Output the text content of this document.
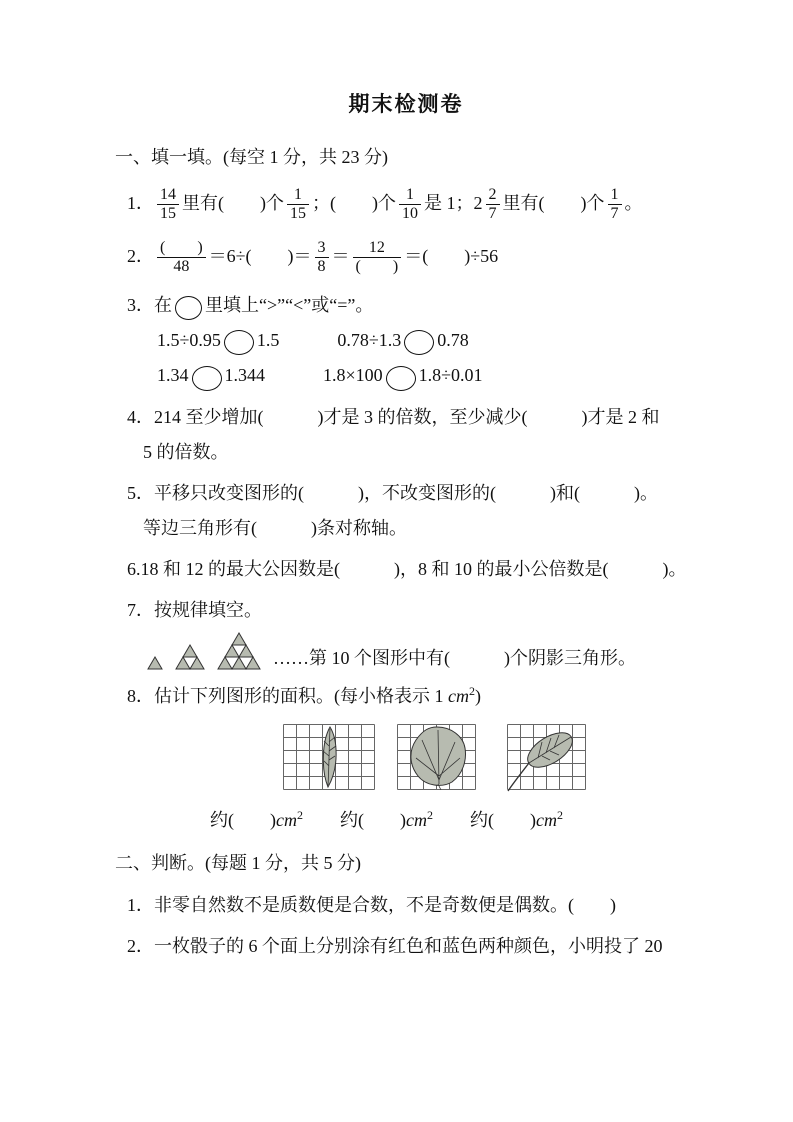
期末检测卷
一、填一填。(每空 1 分，共 23 分)
1． $\frac{14}{15}$ 里有(　　)个 $\frac{1}{15}$ ；(　　)个 $\frac{1}{10}$ 是 1；$2 \frac{2}{7}$ 里有(　　)个 $\frac{1}{7}$ 。
2． $\frac{( )}{48} =6\div$(　　)＝ $\frac{3}{8} = \frac{12}{( )}$ ＝(　　)÷56
3．在 里填上“>”“<”或“=”。
1.5÷0.95 1.5	0.78÷1.3 0.78
1.34 1.344	1.8×100 1.8÷0.01
4．214 至少增加(　　　)才是 3 的倍数，至少减少(　　　)才是 2 和
5 的倍数。
5．平移只改变图形的(　　　)，不改变图形的(　　　)和(　　　)。
等边三角形有(　　　)条对称轴。
6.18 和 12 的最大公因数是(　　　)，8 和 10 的最小公倍数是(　　　)。
7．按规律填空。
……第 10 个图形中有(　　　)个阴影三角形。
8．估计下列图形的面积。(每小格表示 1 $cm^2$)
约(　　)$cm^2$	约(　　)$cm^2$	约(　　)$cm^2$
二、判断。(每题 1 分，共 5 分)
1．非零自然数不是质数便是合数，不是奇数便是偶数。(　　)
2．一枚骰子的 6 个面上分别涂有红色和蓝色两种颜色，小明投了 20
